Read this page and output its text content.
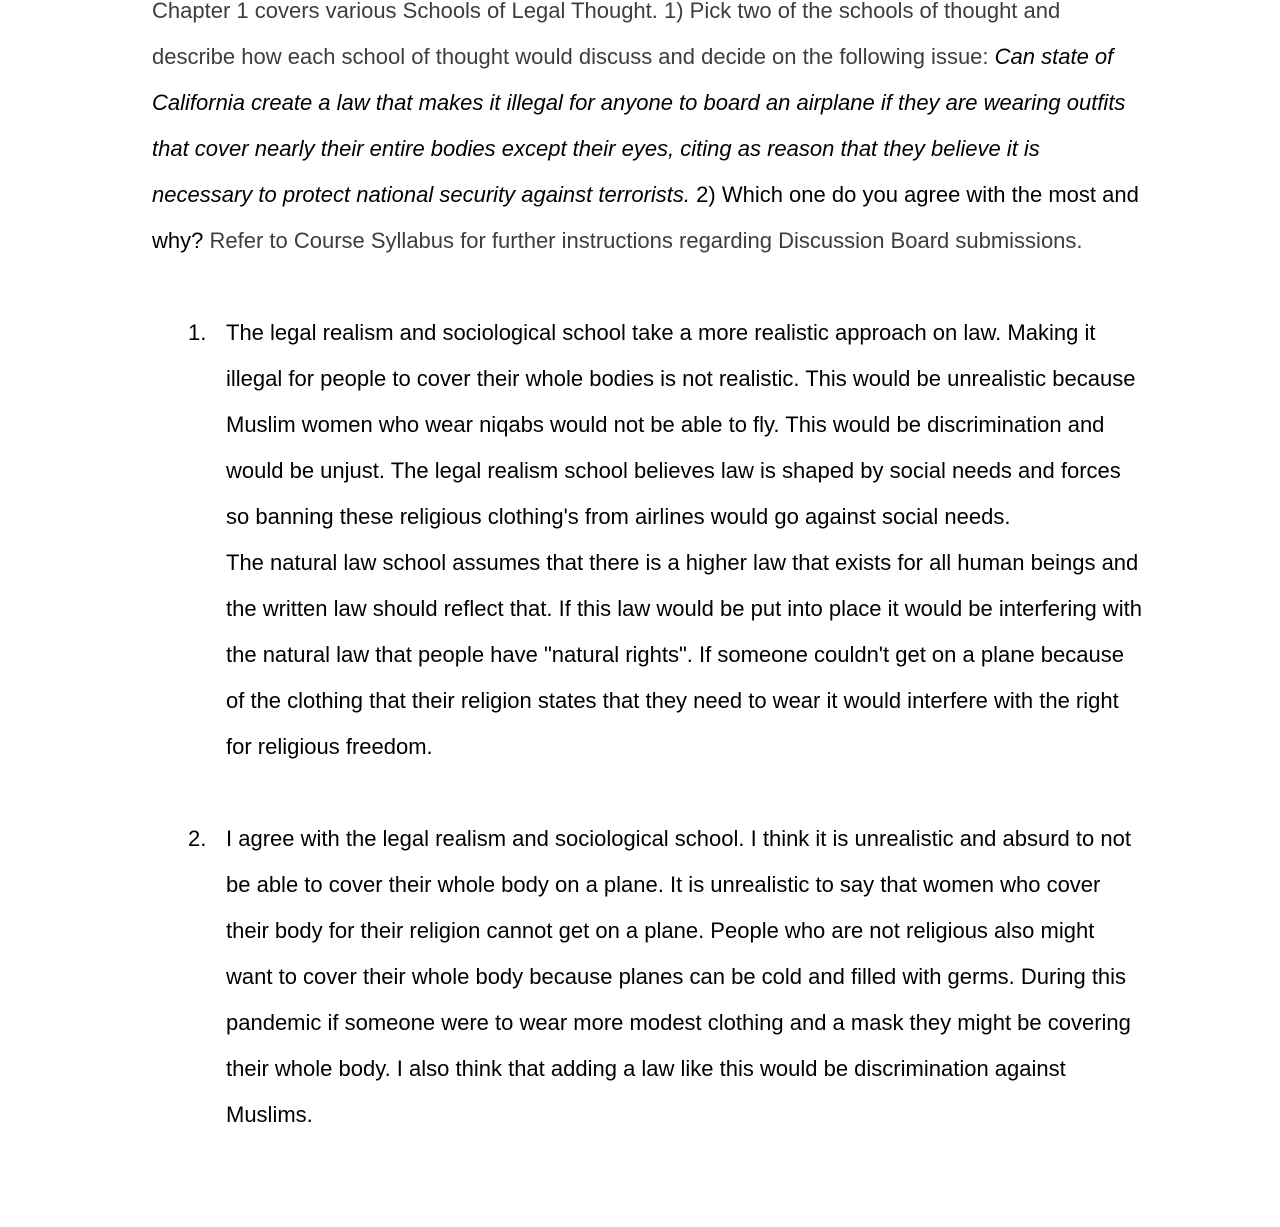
Chapter 1 covers various Schools of Legal Thought. 1) Pick two of the schools of thought and describe how each school of thought would discuss and decide on the following issue: Can state of California create a law that makes it illegal for anyone to board an airplane if they are wearing outfits that cover nearly their entire bodies except their eyes, citing as reason that they believe it is necessary to protect national security against terrorists. 2) Which one do you agree with the most and why? Refer to Course Syllabus for further instructions regarding Discussion Board submissions.

1. The legal realism and sociological school take a more realistic approach on law. Making it illegal for people to cover their whole bodies is not realistic. This would be unrealistic because Muslim women who wear niqabs would not be able to fly. This would be discrimination and would be unjust. The legal realism school believes law is shaped by social needs and forces so banning these religious clothing's from airlines would go against social needs.

The natural law school assumes that there is a higher law that exists for all human beings and the written law should reflect that. If this law would be put into place it would be interfering with the natural law that people have "natural rights". If someone couldn't get on a plane because of the clothing that their religion states that they need to wear it would interfere with the right for religious freedom.

2. I agree with the legal realism and sociological school. I think it is unrealistic and absurd to not be able to cover their whole body on a plane. It is unrealistic to say that women who cover their body for their religion cannot get on a plane. People who are not religious also might want to cover their whole body because planes can be cold and filled with germs. During this pandemic if someone were to wear more modest clothing and a mask they might be covering their whole body. I also think that adding a law like this would be discrimination against Muslims.
